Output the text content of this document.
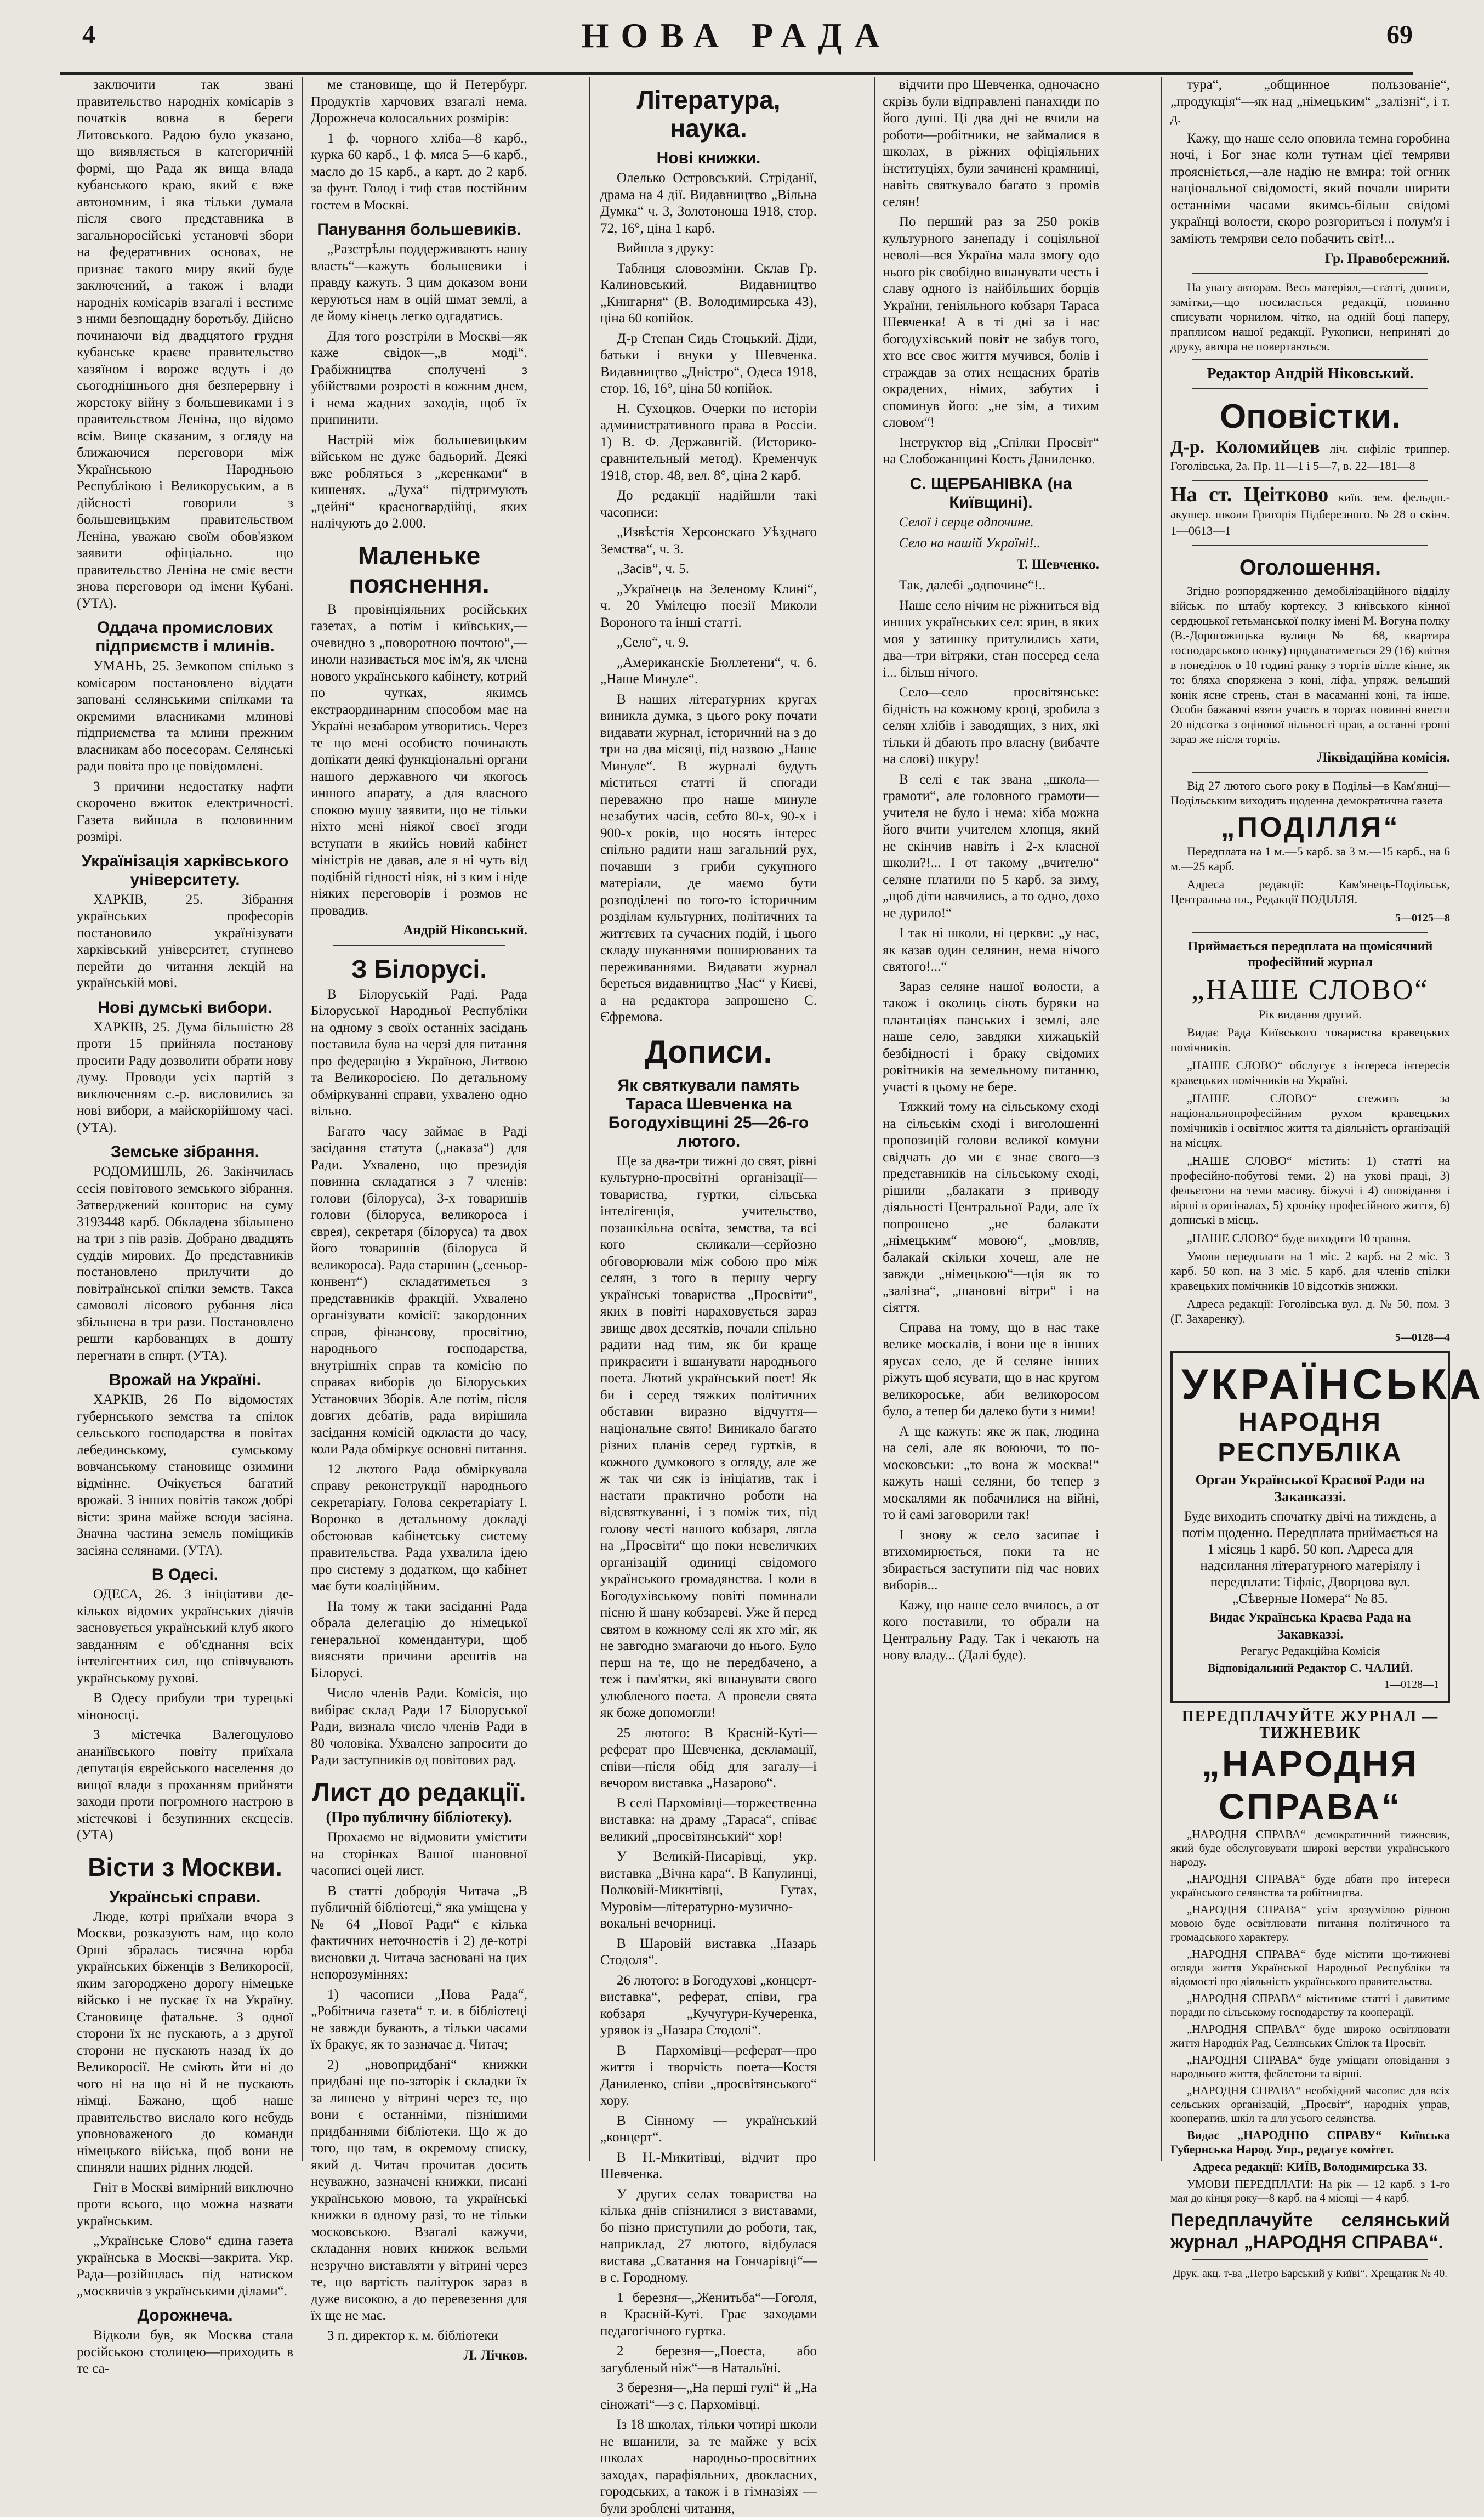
4	НОВА РАДА	69

заключити так звані правительство народніх комісарів з початків вовна в береги Литовського. Радою було указано, що виявляється в категоричній формі, що Рада як вища влада кубанського краю, який є вже автономним, і яка тільки думала після свого представника в загальноросійські установчі збори на федеративних основах, не признає такого миру який буде заключений, а також і влади народніх комісарів взагалі і вестиме з ними безпощадну боротьбу. Дійсно починаючи від двадцятого грудня кубанське краєве правительство хазяїном і вороже ведуть і до сьогоднішнього дня безперервну і жорстоку війну з большевиками і з правительством Леніна, що відомо всім. Вище сказаним, з огляду на ближаючися переговори між Українською Народньою Республікою і Великоруським, а в дійсності говорили з большевицьким правительством Леніна, уважаю своїм обов'язком заявити офіціально. що правительство Леніна не сміє вести знова переговори од імени Кубані. (УТА).

Оддача промислових підприємств і млинів.

УМАНЬ, 25. Земкопом спілько з комісаром постановлено віддати заповані селянськими спілками та окремими власниками млинові підприємства та млини прежним власникам або посесорам. Селянські ради повіта про це повідомлені.

З причини недостатку нафти скорочено вжиток електричності. Газета вийшла в половинним розмірі.

Українізація харківського університету.

ХАРКІВ, 25. Зібрання українських професорів постановило українізувати харківський університет, ступнево перейти до читання лекцій на українській мові.

Нові думські вибори.

ХАРКІВ, 25. Дума більшістю 28 проти 15 прийняла постанову просити Раду дозволити обрати нову думу. Проводи усіх партій з виключенням с.-р. висловились за нові вибори, а майскорійшому часі. (УТА).

Земське зібрання.

РОДОМИШЛЬ, 26. Закінчилась сесія повітового земського зібрання. Затверджений кошторис на суму 3193448 карб. Обкладена збільшено на три з пів разів. Добрано двадцять суддів мирових. До представників постановлено прилучити до повітраїнської спілки земств. Такса самоволі лісового рубання ліса збільшена в три рази. Постановлено решти карбованцях в дошту перегнати в спирт. (УТА).

Врожай на Україні.

ХАРКІВ, 26 По відомостях губернського земства та спілок сельського господарства в повітах лебединському, сумському вовчанському становище озимини відмінне. Очікується багатий врожай. З інших повітів також добрі вісти: зрина майже всюди засіяна. Значна частина земель поміщиків засіяна селянами. (УТА).

В Одесі.

ОДЕСА, 26. З ініціативи де-кількох відомих українських діячів засновується український клуб якого завданням є об'єднання всіх інтелігентних сил, що співчувають українському рухові.

В Одесу прибули три турецькі міноносці.

З містечка Валегоцулово ананіївського повіту приїхала депутація єврейського населення до вищої влади з проханням прийняти заходи проти погромного настрою в містечкові і безупинних ексцесів. (УТА)

Вісти з Москви.
Українські справи.

Люде, котрі приїхали вчора з Москви, розказують нам, що коло Орші збралась тисячна юрба українських біженців з Великоросії, яким загороджено дорогу німецьке військо і не пускає їх на Україну. Становище фатальне. З одної сторони їх не пускають, а з другої сторони не пускають назад їх до Великоросії. Не сміють йти ні до чого ні на що ні й не пускають німці. Бажано, щоб наше правительство вислало кого небудь уповноваженого до команди німецького війська, щоб вони не спиняли наших рідних людей.

Гніт в Москві вимірний виключно проти всього, що можна назвати українським.

„Українське Слово“ єдина газета українська в Москві—закрита. Укр. Рада—розійшлась під натиском „москвичів з українськими ділами“.

Дорожнеча.

Відколи був, як Москва стала російською столицею—приходить в те са-

ме становище, що й Петербург. Продуктів харчових взагалі нема. Дорожнеча колосальних розмірів:

1 ф. чорного хліба—8 карб., курка 60 карб., 1 ф. мяса 5—6 карб., масло до 15 карб., а карт. до 2 карб. за фунт. Голод і тиф став постійним гостем в Москві.

Панування большевиків.

„Разстрѣлы поддерживаютъ нашу власть“—кажуть большевики і правду кажуть. З цим доказом вони керуються нам в оцій шмат землі, а де йому кінець легко одгадатись.

Для того розстріли в Москві—як каже свідок—„в моді“. Грабіжництва сполучені з убійствами розрості в кожним днем, і нема жадних заходів, щоб їх припинити.

Настрій між большевицьким військом не дуже бадьорий. Деякі вже робляться з „керенками“ в кишенях. „Духа“ підтримують „цейні“ красногвардійці, яких налічують до 2.000.

Маленьке пояснення.

В провінціяльних російських газетах, а потім і київських,—очевидно з „поворотною почтою“,—иноли називається моє ім'я, як члена нового українського кабінету, котрий по чутках, якимсь екстраординарним способом має на Україні незабаром утворитись. Через те що мені особисто починають допікати деякі функціональні органи нашого державного чи якогось иншого апарату, а для власного спокою мушу заявити, що не тільки ніхто мені ніякої своєї згоди вступати в якийсь новий кабінет міністрів не давав, але я ні чуть від подібній гідності ніяк, ні з ким і ніде ніяких переговорів і розмов не провадив.

Андрій Ніковський.
З Білорусі.

В Білоруській Раді. Рада Білоруської Народньої Республіки на одному з своїх останніх засідань поставила була на черзі для питання про федерацію з Україною, Литвою та Великоросією. По детальному обміркуванні справи, ухвалено одно вільно.

Багато часу займає в Раді засідання статута („наказа“) для Ради. Ухвалено, що президія повинна складатися з 7 членів: голови (білоруса), 3-х товаришів голови (білоруса, великороса і єврея), секретаря (білоруса) та двох його товаришів (білоруса й великороса). Рада старшин („сеньор-конвент“) складатиметься з представників фракцій. Ухвалено організувати комісії: закордонних справ, фінансову, просвітню, народнього господарства, внутрішніх справ та комісію по справах виборів до Білоруських Установчих Зборів. Але потім, після довгих дебатів, рада вирішила засідання комісій одкласти до часу, коли Рада обміркує основні питання.

12 лютого Рада обміркувала справу реконструкції народнього секретаріату. Голова секретаріату І. Воронко в детальному докладі обстоював кабінетську систему правительства. Рада ухвалила ідею про систему з додатком, що кабінет має бути коаліційним.

На тому ж таки засіданні Рада обрала делегацію до німецької генеральної комендантури, щоб виясняти причини арештів на Білорусі.

Число членів Ради. Комісія, що вибірає склад Ради 17 Білоруської Ради, визнала число членів Ради в 80 чоловіка. Ухвалено запросити до Ради заступників од повітових рад.

Лист до редакції.
(Про публичну бібліотеку).

Прохаємо не відмовити умістити на сторінках Вашої шановної часописі оцей лист.

В статті добродія Читача „В публичній бібліотеці,“ яка уміщена у № 64 „Нової Ради“ є кілька фактичних неточностів і 2) де-котрі висновки д. Читача засновані на цих непорозуміннях:

1) часописи „Нова Рада“, „Робітнича газета“ т. и. в бібліотеці не завжди бувають, а тільки часами їх бракує, як то зазначає д. Читач;

2) „новопридбані“ книжки придбані ще по-заторік і складки їх за лишено у вітрині через те, що вони є останніми, пізнішими придбаннями бібліотеки. Що ж до того, що там, в окремому списку, який д. Читач прочитав досить неуважно, зазначені книжки, писані українською мовою, та українські книжки в одному разі, то не тільки московською. Взагалі кажучи, складання нових книжок вельми незручно виставляти у вітрині через те, що вартість палітурок зараз в дуже високою, а до перевезення для їх ще не має.

З п. директор к. м. бібліотеки

Л. Лічков.
Література, наука.
Нові книжки.

Олелько Островський. Стріданії, драма на 4 дії. Видавництво „Вільна Думка“ ч. 3, Золотоноша 1918, стор. 72, 16°, ціна 1 карб.

Вийшла з друку:

Таблиця словозміни. Склав Гр. Калиновський. Видавництво „Книгарня“ (В. Володимирська 43), ціна 60 копійок.

Д-р Степан Сидь Стоцький. Діди, батьки і внуки у Шевченка. Видавництво „Дністро“, Одеса 1918, стор. 16, 16°, ціна 50 копійок.

Н. Сухоцков. Очерки по исторіи административного права в Россіи. 1) В. Ф. Державнгій. (Историко-сравнительный метод). Кременчук 1918, стор. 48, вел. 8°, ціна 2 карб.

До редакції надійшли такі часописи:

„Извѣстія Херсонскаго Уѣзднаго Земства“, ч. 3.

„Засів“, ч. 5.

„Українець на Зеленому Клині“, ч. 20 Умілецю поезії Миколи Вороного та інші статті.

„Село“, ч. 9.

„Американскіе Бюллетени“, ч. 6. „Наше Минуле“.

В наших літературних кругах виникла думка, з цього року почати видавати журнал, історичний на з до три на два місяці, під назвою „Наше Минуле“. В журналі будуть міститься статті й спогади переважно про наше минуле незабутих часів, себто 80-х, 90-х і 900-х років, що носять інтерес спільно радити наш загальний рух, почавши з гриби сукупного матеріали, де маємо бути розподілені по того-то історичним розділам культурних, політичних та життєвих та сучасних подій, і цього складу шуканнями поширюваних та переживаннями. Видавати журнал береться видавництво „Час“ у Києві, а на редактора запрошено С. Єфремова.

Дописи.
Як святкували память Тараса Шевченка на Богодухівщині 25—26-го лютого.

Ще за два-три тижні до свят, рівні культурно-просвітні організації—товариства, гуртки, сільська інтелігенція, учительство, позашкільна освіта, земства, та всі кого скликали—серйозно обговорювали між собою про між селян, з того в першу чергу українські товариства „Просвіти“, яких в повіті нараховується зараз звище двох десятків, почали спільно радити над тим, як би краще прикрасити і вшанувати народнього поета. Лютий український поет! Як би і серед тяжких політичних обставин виразно відчуття—національне свято! Виникало багато різних планів серед гуртків, в кожного думкового з огляду, але же ж так чи сяк із ініціатив, так і настати практично роботи на відсвяткуванні, і з поміж тих, під голову честі нашого кобзаря, лягла на „Просвіти“ що поки невеличких організацій одиниці свідомого українського громадянства. І коли в Богодухівському повіті поминали пісню й шану кобзареві. Уже й перед святом в кожному селі як хто міг, як не завгодно змагаючи до нього. Було перш на те, що не передбачено, а теж і пам'ятки, які вшанувати свого улюбленого поета. А провели свята як боже допомогли!

25 лютого: В Красній-Куті—реферат про Шевченка, декламації, співи—після обід для загалу—і вечором виставка „Назарово“.

В селі Пархомівці—торжественна виставка: на драму „Тараса“, співає великий „просвітянський“ хор!

У Великій-Писарівці, укр. виставка „Вічна кара“. В Капулинці, Полковій-Микитівці, Гутах, Муровім—літературно-музично-вокальні вечорниці.

В Шаровій виставка „Назарь Стодоля“.

26 лютого: в Богодухові „концерт-виставка“, реферат, співи, гра кобзаря „Кучугури-Кучеренка, урявок із „Назара Стодолі“.

В Пархомівці—реферат—про життя і творчість поета—Костя Даниленко, співи „просвітянського“ хору.

В Сінному — український „концерт“.

В Н.-Микитівці, відчит про Шевченка.

У других селах товариства на кілька днів спізнилися з виставами, бо пізно приступили до роботи, так, наприклад, 27 лютого, відбулася вистава „Сватання на Гончарівці“—в с. Городному.

1 березня—„Женитьба“—Гоголя, в Красній-Куті. Грає заходами педагогічного гуртка.

2 березня—„Поеста, або загубленый ніж“—в Натальїні.

3 березня—„На перші гулі“ й „На сіножаті“—з с. Пархомівці.

Із 18 школах, тільки чотирі школи не вшанили, за те майже у всіх школах народньо-просвітних заходах, парафіяльних, двокласних, городських, а також і в гімназіях — були зроблені читання,

відчити про Шевченка, одночасно скрізь були відправлені панахиди по його душі. Ці два дні не вчили на роботи—робітники, не займалися в школах, в ріжних офіціяльних інституціях, були зачинені крамниці, навіть святкувало багато з промів селян!

По перший раз за 250 років культурного занепаду і соціяльної неволі—вся Україна мала змогу одо нього рік свобідно вшанувати честь і славу одного із найбільших борців України, геніяльного кобзаря Тараса Шевченка! А в ті дні за і нас богодухівський повіт не забув того, хто все своє життя мучився, болів і страждав за отих нещасних братів окрадених, німих, забутих і споминув його: „не зім, а тихим словом“!

Інструктор від „Спілки Просвіт“ на Слобожанщині Кость Даниленко.

С. ЩЕРБАНІВКА (на Київщині).
Селої і серце одпочине.
Село на нашій Україні!..
Т. Шевченко.

Так, далебі „одпочине“!..

Наше село нічим не ріжниться від инших українських сел: ярин, в яких моя у затишку притулились хати, два—три вітряки, стан посеред села і... більш нічого.

Село—село просвітянське: бідність на кожному кроці, зробила з селян хлібів і заводящих, з них, які тільки й дбають про власну (вибачте на слові) шкуру!

В селі є так звана „школа—грамоти“, але головного грамоти—учителя не було і нема: хіба можна його вчити учителем хлопця, який не скінчив навіть і 2-х класної школи?!... І от такому „вчителю“ селяне платили по 5 карб. за зиму, „щоб діти навчились, а то одно, дохо не дурило!“

І так ні школи, ні церкви: „у нас, як казав один селянин, нема нічого святого!...“

Зараз селяне нашої волости, а також і околиць сіють буряки на плантаціях панських і землі, але наше село, завдяки хижацькій безбідності і браку свідомих ровітників на земельному питанню, участі в цьому не бере.

Тяжкий тому на сільському сході на сільськім сході і виголошенні пропозицій голови великої комуни свідчать до ми є знає свого—з представників на сільському сході, рішили „балакати з приводу діяльності Центральної Ради, але їх попрошено „не балакати „німецьким“ мовою“, „мовляв, балакай скільки хочеш, але не завжди „німецькою“—ція як то „залізна“, „шановні вітри“ і на сіяття.

Справа на тому, що в нас таке велике москалів, і вони ще в інших ярусах село, де й селяне інших ріжуть щоб ясувати, що в нас кругом великороське, аби великоросом було, а тепер би далеко бути з ними!

А ще кажуть: яке ж пак, людина на селі, але як воюючи, то по-московськи: „то вона ж москва!“ кажуть наші селяни, бо тепер з москалями як побачилися на війні, то й самі заговорили так!

І знову ж село засипає і втихомирюється, поки та не збирається заступити під час нових виборів...

Кажу, що наше село вчилось, а от кого поставили, то обрали на Центральну Раду. Так і чекають на нову владу... (Далі буде).

тура“, „общинное пользованіе“, „продукція“—як над „німецьким“ „залізні“, і т. д.

Кажу, що наше село оповила темна горобина ночі, і Бог знає коли тутнам цієї темряви проясніється,—але надію не вмира: той огник національної свідомості, який почали ширити останніми часами якимсь-більш свідомі українці волости, скоро розгориться і полум'я і заміють темряви село побачить світ!...

Гр. Правобережний.

На увагу авторам. Весь матеріял,—статті, дописи, замітки,—що посилається редакції, повинно списувати чорнилом, чітко, на одній боці паперу, праплисом нашої редакції. Рукописи, неприняті до друку, автора не повертаються.

Редактор Андрій Ніковський.
Оповістки.
Д-р. Коломийцев ліч. сифіліс триппер. Гоголівська, 2а. Пр. 11—1 і 5—7, в. 22—181—8
На ст. Цеітково київ. зем. фельдш.-акушер. школи Григорія Підберезного. № 28 о скінч. 1—0613—1
Оголошення.

Згідно розпорядженню демобілізаційного відділу військ. по штабу кортексу, 3 київського кінної сердюцької гетьманської полку імені М. Вогуна полку (В.-Дорогожицька вулиця № 68, квартира господарського полку) продаватиметься 29 (16) квітня в понеділок о 10 годині ранку з торгів вілле кінне, як то: бляха споряжена з коні, ліфа, упряж, вельший конік ясне стрень, стан в масаманні коні, та інше. Особи бажаючі взяти участь в торгах повинні внести 20 відсотка з оцінової вільності прав, а останні гроші зараз же після торгів.

Ліквідаційна комісія.

Від 27 лютого сього року в Подільі—в Кам'янці—Подільським виходить щоденна демократична газета

„ПОДІЛЛЯ“

Передплата на 1 м.—5 карб. за 3 м.—15 карб., на 6 м.—25 карб.

Адреса редакції: Кам'янець-Подільськ, Центральна пл., Редакції ПОДІЛЛЯ.

5—0125—8

Приймається передплата на щомісячний професійний журнал

„НАШЕ СЛОВО“

Рік видання другий.

Видає Рада Київського товариства кравецьких помічників.

„НАШЕ СЛОВО“ обслугує з інтереса інтересів кравецьких помічників на Україні.

„НАШЕ СЛОВО“ стежить за національнопрофесійним рухом кравецьких помічників і освітлює життя та діяльність організацій на місцях.

„НАШЕ СЛОВО“ містить: 1) статті на професійно-побутові теми, 2) на укові праці, 3) фельєтони на теми масиву. біжучі і 4) оповідання і вірші в оригіналах, 5) хроніку професійного життя, 6) допиські в місць.

„НАШЕ СЛОВО“ буде виходити 10 травня.

Умови передплати на 1 міс. 2 карб. на 2 міс. 3 карб. 50 коп. на 3 міс. 5 карб. для членів спілки кравецьких помічників 10 відсотків знижки.

Адреса редакції: Гоголівська вул. д. № 50, пом. 3 (Г. Захаренку).

5—0128—4
УКРАЇНСЬКА
НАРОДНЯ РЕСПУБЛІКА
Орган Української Краєвої Ради на Закавказзі.
Буде виходить спочатку двічі на тиждень, а потім щоденно. Передплата приймається на 1 місяць 1 карб. 50 коп. Адреса для надсилання літературного матеріялу і передплати: Тіфліс, Дворцова вул. „Сѣверные Номера“ № 85.
Видає Українська Краєва Рада на Закавказзі.
Регагує Редакційна Комісія
Відповідальний Редактор С. ЧАЛИЙ.
1—0128—1
ПЕРЕДПЛАЧУЙТЕ ЖУРНАЛ — ТИЖНЕВИК
„НАРОДНЯ СПРАВА“

„НАРОДНЯ СПРАВА“ демократичний тижневик, який буде обслуговувати широкі верстви українського народу.

„НАРОДНЯ СПРАВА“ буде дбати про інтереси українського селянства та робітництва.

„НАРОДНЯ СПРАВА“ усім зрозумілою рідною мовою буде освітлювати питання політичного та громадського характеру.

„НАРОДНЯ СПРАВА“ буде містити що-тижневі огляди життя Української Народньої Республіки та відомості про діяльність українського правительства.

„НАРОДНЯ СПРАВА“ міститиме статті і давитиме поради по сільському господарству та кооперації.

„НАРОДНЯ СПРАВА“ буде широко освітлювати життя Народніх Рад, Селянських Спілок та Просвіт.

„НАРОДНЯ СПРАВА“ буде уміщати оповідання з народнього життя, фейлетони та вірші.

„НАРОДНЯ СПРАВА“ необхідний часопис для всіх сельських організацій, „Просвіт“, народніх управ, кооператив, шкіл та для усього селянства.

Видає „НАРОДНЮ СПРАВУ“ Київська Губернська Народ. Упр., редагує комітет.

Адреса редакції: КИЇВ, Володимирська 33.

УМОВИ ПЕРЕДПЛАТИ: На рік — 12 карб. з 1-го мая до кінця року—8 карб. на 4 місяці — 4 карб.

Передплачуйте селянський журнал „НАРОДНЯ СПРАВА“.
Друк. акц. т-ва „Петро Барський у Київі“. Хрещатик № 40.
